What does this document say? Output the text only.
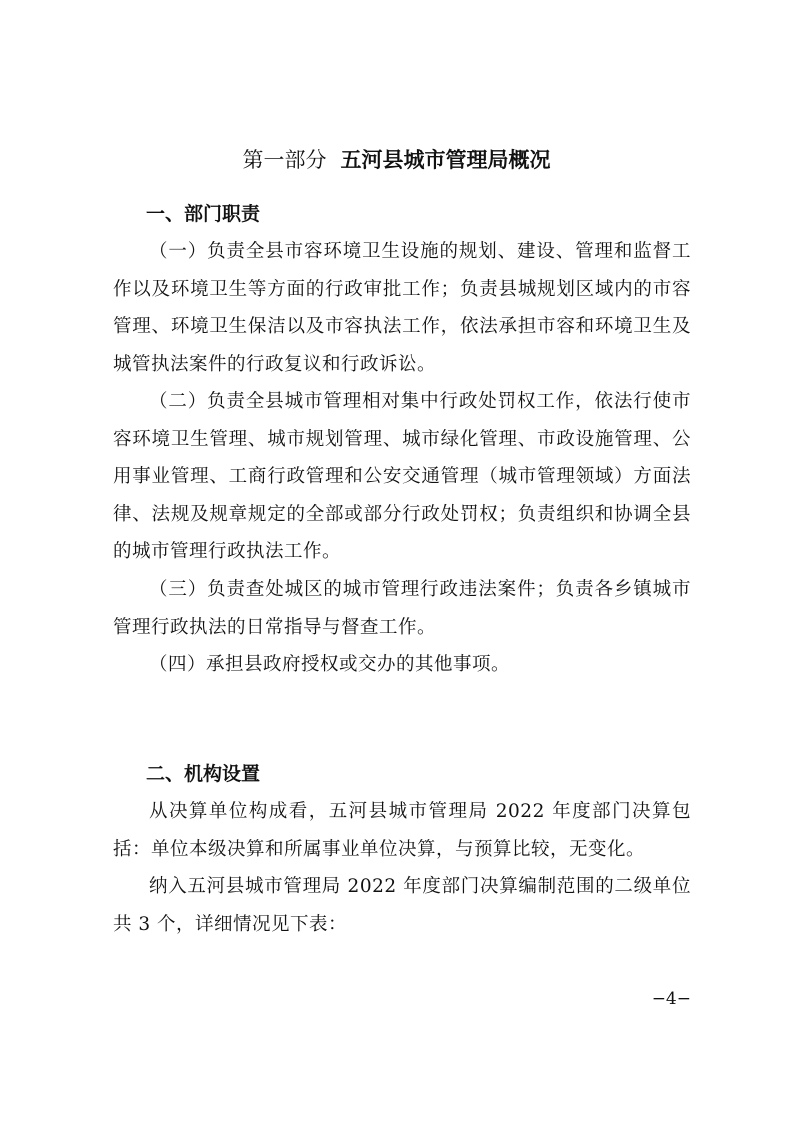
第一部分 五河县城市管理局概况
一、部门职责

（一）负责全县市容环境卫生设施的规划、建设、管理和监督工作以及环境卫生等方面的行政审批工作；负责县城规划区域内的市容管理、环境卫生保洁以及市容执法工作，依法承担市容和环境卫生及城管执法案件的行政复议和行政诉讼。

（二）负责全县城市管理相对集中行政处罚权工作，依法行使市容环境卫生管理、城市规划管理、城市绿化管理、市政设施管理、公用事业管理、工商行政管理和公安交通管理（城市管理领域）方面法律、法规及规章规定的全部或部分行政处罚权；负责组织和协调全县的城市管理行政执法工作。

（三）负责查处城区的城市管理行政违法案件；负责各乡镇城市管理行政执法的日常指导与督查工作。

（四）承担县政府授权或交办的其他事项。

二、机构设置

从决算单位构成看，五河县城市管理局 2022 年度部门决算包括：单位本级决算和所属事业单位决算，与预算比较，无变化。

纳入五河县城市管理局 2022 年度部门决算编制范围的二级单位共 3 个，详细情况见下表：

−4−
